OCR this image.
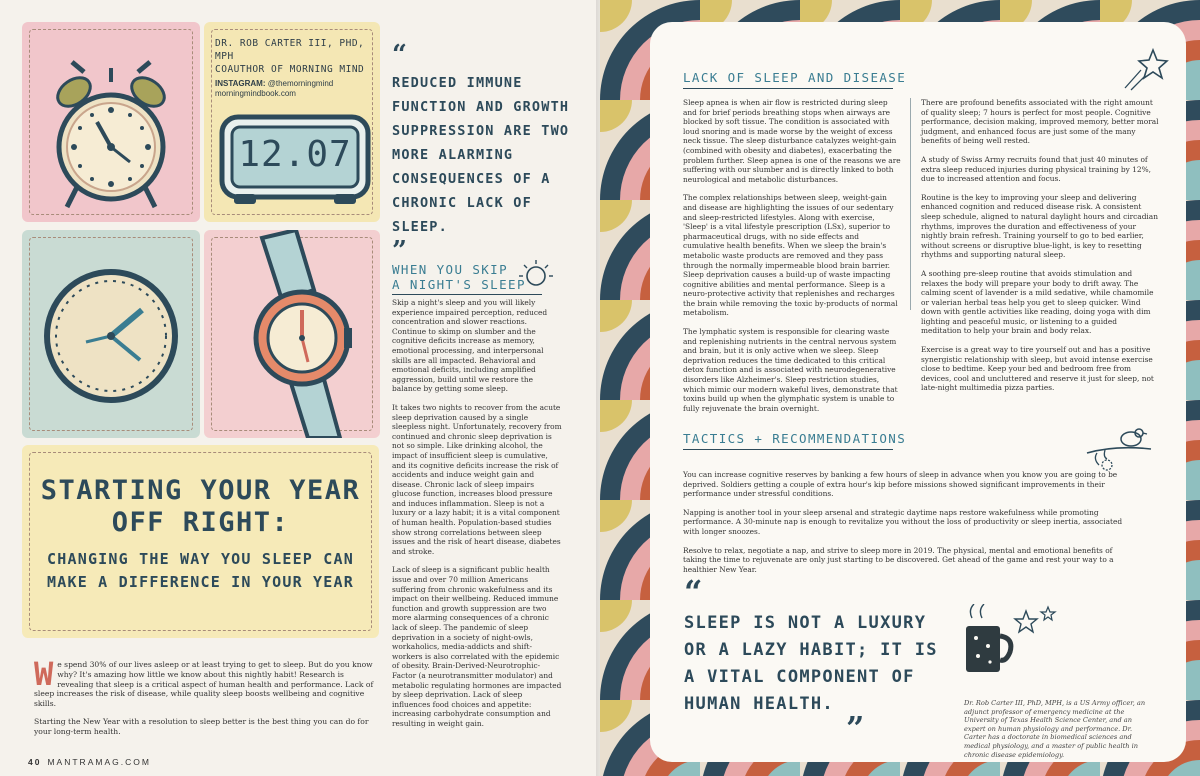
12.07
DR. ROB CARTER III, PHD, MPH
COAUTHOR OF MORNING MIND
INSTAGRAM: @themorningmind
morningmindbook.com
“
REDUCED IMMUNE FUNCTION AND GROWTH SUPPRESSION ARE TWO MORE ALARMING CONSEQUENCES OF A CHRONIC LACK OF SLEEP.
”
WHEN YOU SKIP
A NIGHT'S SLEEP

Skip a night's sleep and you will likely experience impaired perception, reduced concentration and slower reactions. Continue to skimp on slumber and the cognitive deficits increase as memory, emotional processing, and interpersonal skills are all impacted. Behavioral and emotional deficits, including amplified aggression, build until we restore the balance by getting some sleep.

It takes two nights to recover from the acute sleep deprivation caused by a single sleepless night. Unfortunately, recovery from continued and chronic sleep deprivation is not so simple. Like drinking alcohol, the impact of insufficient sleep is cumulative, and its cognitive deficits increase the risk of accidents and induce weight gain and disease. Chronic lack of sleep impairs glucose function, increases blood pressure and induces inflammation. Sleep is not a luxury or a lazy habit; it is a vital component of human health. Population-based studies show strong correlations between sleep issues and the risk of heart disease, diabetes and stroke.

Lack of sleep is a significant public health issue and over 70 million Americans suffering from chronic wakefulness and its impact on their wellbeing. Reduced immune function and growth suppression are two more alarming consequences of a chronic lack of sleep. The pandemic of sleep deprivation in a society of night-owls, workaholics, media-addicts and shift-workers is also correlated with the epidemic of obesity. Brain-Derived-Neurotrophic-Factor (a neurotransmitter modulator) and metabolic regulating hormones are impacted by sleep deprivation. Lack of sleep influences food choices and appetite: increasing carbohydrate consumption and resulting in weight gain.

STARTING YOUR YEAR OFF RIGHT:
CHANGING THE WAY YOU SLEEP CAN MAKE A DIFFERENCE IN YOUR YEAR

We spend 30% of our lives asleep or at least trying to get to sleep. But do you know why? It's amazing how little we know about this nightly habit! Research is revealing that sleep is a critical aspect of human health and performance. Lack of sleep increases the risk of disease, while quality sleep boosts wellbeing and cognitive skills.

Starting the New Year with a resolution to sleep better is the best thing you can do for your long-term health.

40 MANTRAMAG.COM
LACK OF SLEEP AND DISEASE

Sleep apnea is when air flow is restricted during sleep and for brief periods breathing stops when airways are blocked by soft tissue. The condition is associated with loud snoring and is made worse by the weight of excess neck tissue. The sleep disturbance catalyzes weight-gain (combined with obesity and diabetes), exacerbating the problem further. Sleep apnea is one of the reasons we are suffering with our slumber and is directly linked to both neurological and metabolic disturbances.

The complex relationships between sleep, weight-gain and disease are highlighting the issues of our sedentary and sleep-restricted lifestyles. Along with exercise, 'Sleep' is a vital lifestyle prescription (LSx), superior to pharmaceutical drugs, with no side effects and cumulative health benefits. When we sleep the brain's metabolic waste products are removed and they pass through the normally impermeable blood brain barrier. Sleep deprivation causes a build-up of waste impacting cognitive abilities and mental performance. Sleep is a neuro-protective activity that replenishes and recharges the brain while removing the toxic by-products of normal metabolism.

The lymphatic system is responsible for clearing waste and replenishing nutrients in the central nervous system and brain, but it is only active when we sleep. Sleep deprivation reduces the time dedicated to this critical detox function and is associated with neurodegenerative disorders like Alzheimer's. Sleep restriction studies, which mimic our modern wakeful lives, demonstrate that toxins build up when the glymphatic system is unable to fully rejuvenate the brain overnight.

There are profound benefits associated with the right amount of quality sleep; 7 hours is perfect for most people. Cognitive performance, decision making, improved memory, better moral judgment, and enhanced focus are just some of the many benefits of being well rested.

A study of Swiss Army recruits found that just 40 minutes of extra sleep reduced injuries during physical training by 12%, due to increased attention and focus.

Routine is the key to improving your sleep and delivering enhanced cognition and reduced disease risk. A consistent sleep schedule, aligned to natural daylight hours and circadian rhythms, improves the duration and effectiveness of your nightly brain refresh. Training yourself to go to bed earlier, without screens or disruptive blue-light, is key to resetting rhythms and supporting natural sleep.

A soothing pre-sleep routine that avoids stimulation and relaxes the body will prepare your body to drift away. The calming scent of lavender is a mild sedative, while chamomile or valerian herbal teas help you get to sleep quicker. Wind down with gentle activities like reading, doing yoga with dim lighting and peaceful music, or listening to a guided meditation to help your brain and body relax.

Exercise is a great way to tire yourself out and has a positive synergistic relationship with sleep, but avoid intense exercise close to bedtime. Keep your bed and bedroom free from devices, cool and uncluttered and reserve it just for sleep, not late-night multimedia pizza parties.

TACTICS + RECOMMENDATIONS

You can increase cognitive reserves by banking a few hours of sleep in advance when you know you are going to be deprived. Soldiers getting a couple of extra hour's kip before missions showed significant improvements in their performance under stressful conditions.

Napping is another tool in your sleep arsenal and strategic daytime naps restore wakefulness while promoting performance. A 30-minute nap is enough to revitalize you without the loss of productivity or sleep inertia, associated with longer snoozes.

Resolve to relax, negotiate a nap, and strive to sleep more in 2019. The physical, mental and emotional benefits of taking the time to rejuvenate are only just starting to be discovered. Get ahead of the game and rest your way to a healthier New Year.

“
SLEEP IS NOT A LUXURY OR A LAZY HABIT; IT IS A VITAL COMPONENT OF HUMAN HEALTH.
”
Dr. Rob Carter III, PhD, MPH, is a US Army officer, an adjunct professor of emergency medicine at the University of Texas Health Science Center, and an expert on human physiology and performance. Dr. Carter has a doctorate in biomedical sciences and medical physiology, and a master of public health in chronic disease epidemiology.
